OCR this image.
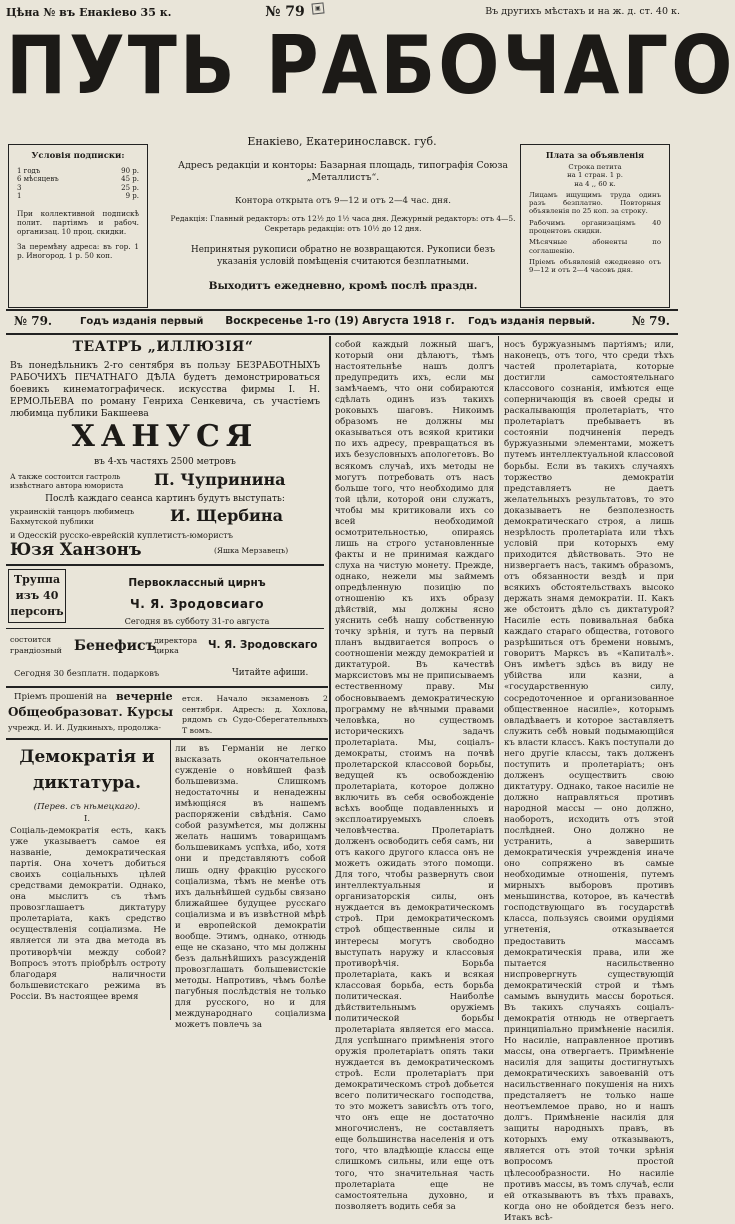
Цѣна № въ Енакіево 35 к.	№ 79	▣	Въ другихъ мѣстахъ и на ж. д. ст. 40 к.
ПУТЬ РАБОЧАГО
Енакіево, Екатеринославск. губ.
Условія подписки:
1 годъ	90 р.
6 мѣсяцевъ	45 р.
3	25 р.
1	9 р.
При коллективной подпискѣ полит. партіямъ и рабоч. организац. 10 проц. скидки.
За перемѣну адреса: въ гор. 1 р. Иногород. 1 р. 50 коп.
Адресъ редакціи и конторы: Базарная площадь, типографія Союза „Металлистъ“.
Контора открыта отъ 9—12 и отъ 2—4 час. дня.
Редакція: Главный редакторъ: отъ 12½ до 1½ часа дня. Дежурный редакторъ: отъ 4—5. Секретарь редакціи: отъ 10½ до 12 дня.
Непринятыя рукописи обратно не возвращаются. Рукописи безъ указанія условій помѣщенія считаются безплатными.
Выходитъ ежедневно, кромѣ послѣ праздн.
Плата за объявленія
Строка петита
на 1 стран. 1 р.
на 4 ,, 60 к.
Лицамъ ищущимъ труда одинъ разъ безплатно. Повторныя объявленія по 25 коп. за строку.
Рабочимъ организаціямъ 40 процентовъ скидки.
Мѣсячные абоненты по соглашенію.
Пріемъ объявленій ежедневно отъ 9—12 и отъ 2—4 часовъ дня.
№ 79.	Годъ изданія первый	Воскресенье 1-го (19) Августа 1918 г.	Годъ изданія первый.	№ 79.
ТЕАТРЪ „ИЛЛЮЗІЯ“
Въ понедѣльникъ 2-го сентября въ пользу БЕЗРАБОТНЫХЪ РАБОЧИХЪ ПЕЧАТНАГО ДѢЛА будетъ демонстрироваться боевикъ кинематографическ. искусства фирмы І. Н. ЕРМОЛЬЕВА по роману Генриха Сенкевича, съ участіемъ любимца публики Бакшеева
ХАНУСЯ
въ 4-хъ частяхъ 2500 метровъ
А также состоится гастроль извѣстнаго автора юмориста	П. Чупринина
Послѣ каждаго сеанса картинъ будутъ выступать:
украинскій танцоръ любимецъ Бахмутской публики	И. Щербина
и Одесскій русско-еврейскій куплетистъ-юмористъ
Юзя Ханзонъ	(Яшка Мерзавецъ)
Труппа изъ 40 персонъ
Первоклассный цирнъ
Ч. Я. Зродовсиаго
Сегодня въ субботу 31-го августа
состоится грандіозный Бенефисъ
директора цирка	Ч. Я. Зродовскаго
Сегодня 30 безплатн. подарковъ	Читайте афиши.
Пріемъ прошеній на вечерніе
Общеобразоват. Курсы
учрежд. И. И. Дудкиныхъ, продолжа-
ется. Начало экзаменовъ 2 сентября. Адресъ: д. Хохлова, рядомъ съ Судо-Сберегательныхъ Т вомъ.
Демократія и диктатура.
(Перев. съ нѣмецкаго).
I.
Соціаль-демократія есть, какъ уже указываетъ самое ея названіе, демократическая партія. Она хочетъ добиться своихъ соціальныхъ цѣлей средствами демократіи. Однако, она мыслитъ съ тѣмъ провозглашаетъ диктатуру пролетаріата, какъ средство осуществленія соціализма. Не является ли эта два метода въ противорѣчіи между собой? Вопросъ этотъ пріобрѣлъ остроту благодаря наличности большевистскаго режима въ Россіи. Въ настоящее время
ли въ Германіи не легко высказать окончательное сужденіе о новѣйшей фазѣ большевизма. Слишкомъ недостаточны и ненадежны имѣющіяся въ нашемъ распоряженіи свѣдѣнія. Само собой разумѣется, мы должны желать нашимъ товарищамъ большевикамъ успѣха, ибо, хотя они и представляютъ собой лишь одну фракцію русского соціализма, тѣмъ не менѣе отъ ихъ дальнѣйшей судьбы связано ближайшее будущее русскаго соціализма и въ извѣстной мѣрѣ и европейской демократіи вообще. Этимъ, однако, отнюдь еще не сказано, что мы должны безъ дальнѣйшихъ разсужденій провозглашать большевистскіе методы. Напротивъ, чѣмъ болѣе пагубныя послѣдствія не только для русского, но и для международнаго соціализма можетъ повлечь за
собой каждый ложный шагъ, который они дѣлаютъ, тѣмъ настоятельнѣе нашъ долгъ предупредить ихъ, если мы замѣчаемъ, что они собираются сдѣлать одинъ изъ такихъ роковыхъ шаговъ. Никоимъ образомъ не должны мы оказываться отъ всякой критики по ихъ адресу, превращаться въ ихъ безусловныхъ апологетовъ. Во всякомъ случаѣ, ихъ методы не могутъ потребовать отъ насъ больше того, что необходимо для той цѣли, которой они служатъ, чтобы мы критиковали ихъ со всей необходимой осмотрительностью, опираясь лишь на строго установленные факты и не принимая каждаго слуха на чистую монету. Прежде, однако, нежели мы займемъ опредѣленную позицію по отношенію къ ихъ образу дѣйствій, мы должны ясно уяснить себѣ нашу собственную точку зрѣнія, и тутъ на первый планъ выдвигается вопросъ о соотношеніи между демократіей и диктатурой. Въ качествѣ марксистовъ мы не приписываемъ естественному праву. Мы обосновываемъ демократическую программу не вѣчными правами человѣка, но существомъ историческихъ задачъ пролетаріата. Мы, соціалъ-демократы, стоимъ на почвѣ пролетарской классовой борьбы, ведущей къ освобожденію пролетаріата, которое должно включить въ себя освобожденіе всѣхъ вообще подавленныхъ и эксплоатируемыхъ слоевъ человѣчества. Пролетаріатъ долженъ освободить себя самъ, ни отъ какого другого класса онъ не можетъ ожидать этого помощи. Для того, чтобы развернуть свои интеллектуальныя и организаторскія силы, онъ нуждается въ демократическомъ строѣ. При демократическомъ строѣ общественные силы и интересы могутъ свободно выступать наружу и классовыя противорѣчія. Борьба пролетаріата, какъ и всякая классовая борьба, есть борьба политическая. Наиболѣе дѣйствительнымъ оружіемъ политической борьбы пролетаріата является его масса. Для успѣшнаго примѣненія этого оружія пролетаріатъ опять таки нуждается въ демократическомъ строѣ. Если пролетаріатъ при демократическомъ строѣ добьется всего политическаго господства, то это можетъ зависѣть отъ того, что онъ еще не достаточно многочисленъ, не составляетъ еще большинства населенія и отъ того, что владѣющіе классы еще слишкомъ сильны, или еще отъ того, что значительная часть пролетаріата еще не самостоятельна духовно, и позволяетъ водить себя за
носъ буржуазнымъ партіямъ; или, наконецъ, отъ того, что среди тѣхъ частей пролетаріата, которые достигли самостоятельнаго классового сознанія, имѣются еще соперничающія въ своей среды и раскалывающія пролетаріатъ, что пролетаріатъ пребываетъ въ состояніи подчиненія передъ буржуазными элементами, можетъ путемъ интеллектуальной классовой борьбы. Если въ такихъ случаяхъ торжество демократіи представляетъ не даетъ желательныхъ результатовъ, то это доказываетъ не безполезность демократическаго строя, а лишь незрѣлость пролетаріата или тѣхъ условій при которыхъ ему приходится дѣйствовать. Это не низвергаетъ насъ, такимъ образомъ, отъ обязанности вездѣ и при всякихъ обстоятельствахъ высоко держать знамя демократіи. II. Какъ же обстоитъ дѣло съ диктатурой? Насиліе есть повивальная бабка каждаго стараго общества, готового разрѣшиться отъ бремени новымъ, говоритъ Марксъ въ «Капиталѣ». Онъ имѣетъ здѣсь въ виду не убійства или казни, а «государственную силу, сосредоточенное и организованное общественное насиліе», которымъ овладѣваетъ и которое заставляетъ служить себѣ новый подымающійся къ власти классъ. Какъ поступали до него другіе классы, такъ долженъ поступить и пролетаріатъ; онъ долженъ осуществить свою диктатуру. Однако, такое насиліе не должно направляться противъ народной массы — оно должно, наоборотъ, исходить отъ этой послѣдней. Оно должно не устранить, а завершить демократическія учрежденія иначе оно сопряжено въ самые необходимые отношенія, путемъ мирныхъ выборовъ противъ меньшинства, которое, въ качествѣ господствующаго въ государствѣ класса, пользуясь своими орудіями угнетенія, отказывается предоставить массамъ демократическія права, или же пытается насильственно ниспровергнуть существующій демократическій строй и тѣмъ самымъ вынудить массы бороться. Въ такихъ случаяхъ соціалъ-демократія отнюдь не отвергаетъ принципіально примѣненіе насилія. Но насиліе, направленное противъ массы, она отвергаетъ. Примѣненіе насилія для защиты достигнутыхъ демократическихъ завоеваній отъ насильственнаго покушенія на нихъ предсталяетъ не только наше неотъемлемое право, но и нашъ долгъ. Примѣненіе насилія для защиты народныхъ правъ, въ которыхъ ему отказываютъ, является отъ этой точки зрѣнія вопросомъ простой цѣлесообразности. Но насиліе противъ массы, въ томъ случаѣ, если ей отказываютъ въ тѣхъ правахъ, когда оно не обойдется безъ него. Итакъ всѣ-
